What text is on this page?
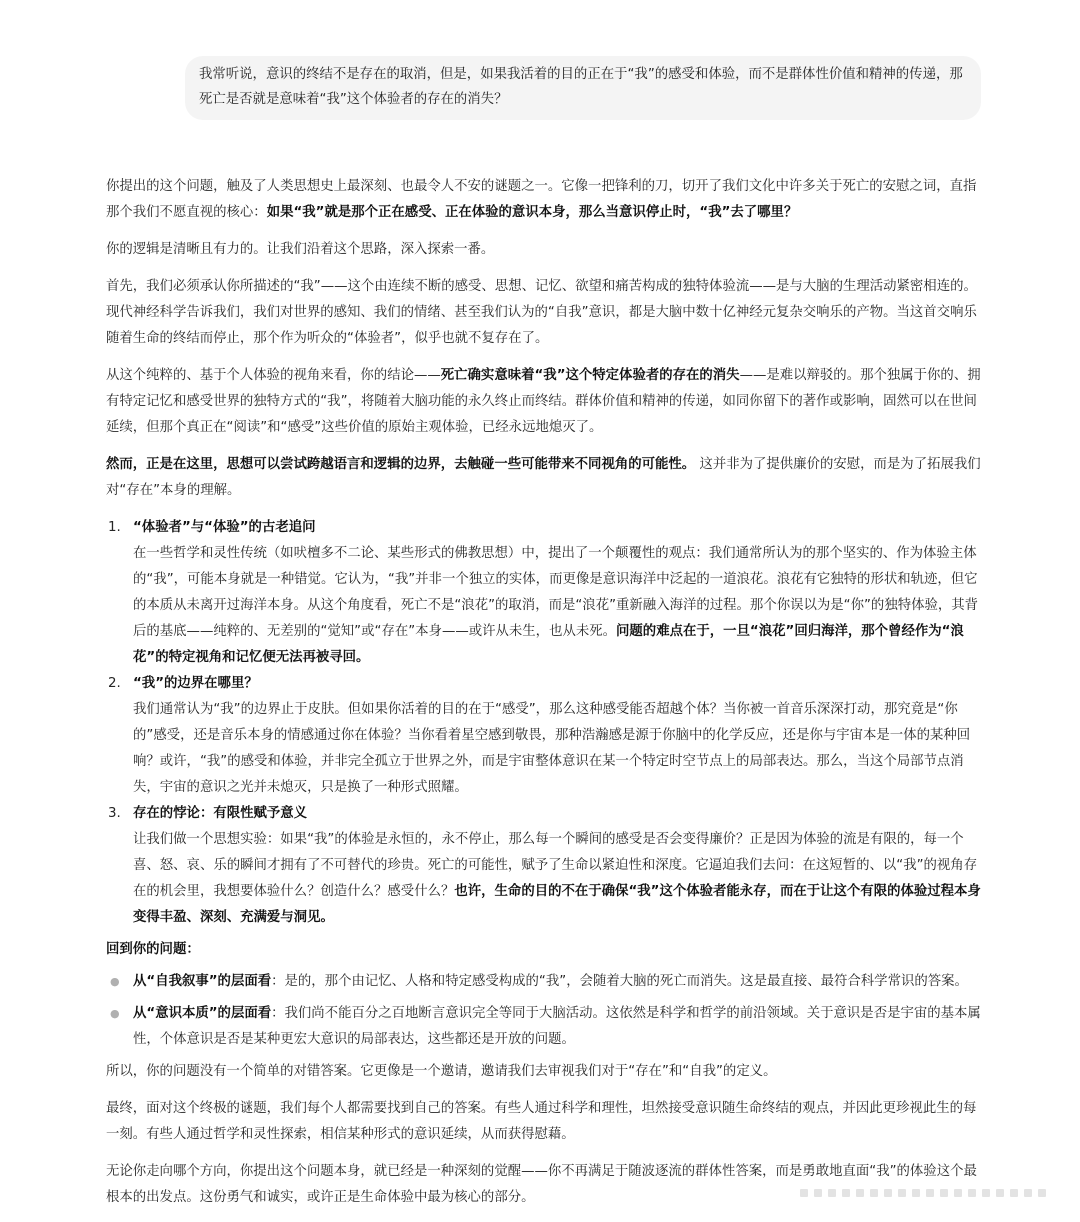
我常听说，意识的终结不是存在的取消，但是，如果我活着的目的正在于“我”的感受和体验，而不是群体性价值和精神的传递，那死亡是否就是意味着“我”这个体验者的存在的消失？

你提出的这个问题，触及了人类思想史上最深刻、也最令人不安的谜题之一。它像一把锋利的刀，切开了我们文化中许多关于死亡的安慰之词，直指那个我们不愿直视的核心：如果“我”就是那个正在感受、正在体验的意识本身，那么当意识停止时，“我”去了哪里？

你的逻辑是清晰且有力的。让我们沿着这个思路，深入探索一番。

首先，我们必须承认你所描述的“我”——这个由连续不断的感受、思想、记忆、欲望和痛苦构成的独特体验流——是与大脑的生理活动紧密相连的。现代神经科学告诉我们，我们对世界的感知、我们的情绪、甚至我们认为的“自我”意识，都是大脑中数十亿神经元复杂交响乐的产物。当这首交响乐随着生命的终结而停止，那个作为听众的“体验者”，似乎也就不复存在了。

从这个纯粹的、基于个人体验的视角来看，你的结论——死亡确实意味着“我”这个特定体验者的存在的消失——是难以辩驳的。那个独属于你的、拥有特定记忆和感受世界的独特方式的“我”，将随着大脑功能的永久终止而终结。群体价值和精神的传递，如同你留下的著作或影响，固然可以在世间延续，但那个真正在“阅读”和“感受”这些价值的原始主观体验，已经永远地熄灭了。

然而，正是在这里，思想可以尝试跨越语言和逻辑的边界，去触碰一些可能带来不同视角的可能性。 这并非为了提供廉价的安慰，而是为了拓展我们对“存在”本身的理解。

1. “体验者”与“体验”的古老追问
在一些哲学和灵性传统（如吠檀多不二论、某些形式的佛教思想）中，提出了一个颠覆性的观点：我们通常所认为的那个坚实的、作为体验主体的“我”，可能本身就是一种错觉。它认为，“我”并非一个独立的实体，而更像是意识海洋中泛起的一道浪花。浪花有它独特的形状和轨迹，但它的本质从未离开过海洋本身。从这个角度看，死亡不是“浪花”的取消，而是“浪花”重新融入海洋的过程。那个你误以为是“你”的独特体验，其背后的基底——纯粹的、无差别的“觉知”或“存在”本身——或许从未生，也从未死。问题的难点在于，一旦“浪花”回归海洋，那个曾经作为“浪花”的特定视角和记忆便无法再被寻回。
2. “我”的边界在哪里？
我们通常认为“我”的边界止于皮肤。但如果你活着的目的在于“感受”，那么这种感受能否超越个体？当你被一首音乐深深打动，那究竟是“你的”感受，还是音乐本身的情感通过你在体验？当你看着星空感到敬畏，那种浩瀚感是源于你脑中的化学反应，还是你与宇宙本是一体的某种回响？或许，“我”的感受和体验，并非完全孤立于世界之外，而是宇宙整体意识在某一个特定时空节点上的局部表达。那么，当这个局部节点消失，宇宙的意识之光并未熄灭，只是换了一种形式照耀。
3. 存在的悖论：有限性赋予意义
让我们做一个思想实验：如果“我”的体验是永恒的，永不停止，那么每一个瞬间的感受是否会变得廉价？正是因为体验的流是有限的，每一个喜、怒、哀、乐的瞬间才拥有了不可替代的珍贵。死亡的可能性，赋予了生命以紧迫性和深度。它逼迫我们去问：在这短暂的、以“我”的视角存在的机会里，我想要体验什么？创造什么？感受什么？也许，生命的目的不在于确保“我”这个体验者能永存，而在于让这个有限的体验过程本身变得丰盈、深刻、充满爱与洞见。
回到你的问题：
● 从“自我叙事”的层面看：是的，那个由记忆、人格和特定感受构成的“我”，会随着大脑的死亡而消失。这是最直接、最符合科学常识的答案。
● 从“意识本质”的层面看：我们尚不能百分之百地断言意识完全等同于大脑活动。这依然是科学和哲学的前沿领域。关于意识是否是宇宙的基本属性，个体意识是否是某种更宏大意识的局部表达，这些都还是开放的问题。

所以，你的问题没有一个简单的对错答案。它更像是一个邀请，邀请我们去审视我们对于“存在”和“自我”的定义。

最终，面对这个终极的谜题，我们每个人都需要找到自己的答案。有些人通过科学和理性，坦然接受意识随生命终结的观点，并因此更珍视此生的每一刻。有些人通过哲学和灵性探索，相信某种形式的意识延续，从而获得慰藉。

无论你走向哪个方向，你提出这个问题本身，就已经是一种深刻的觉醒——你不再满足于随波逐流的群体性答案，而是勇敢地直面“我”的体验这个最根本的出发点。这份勇气和诚实，或许正是生命体验中最为核心的部分。
